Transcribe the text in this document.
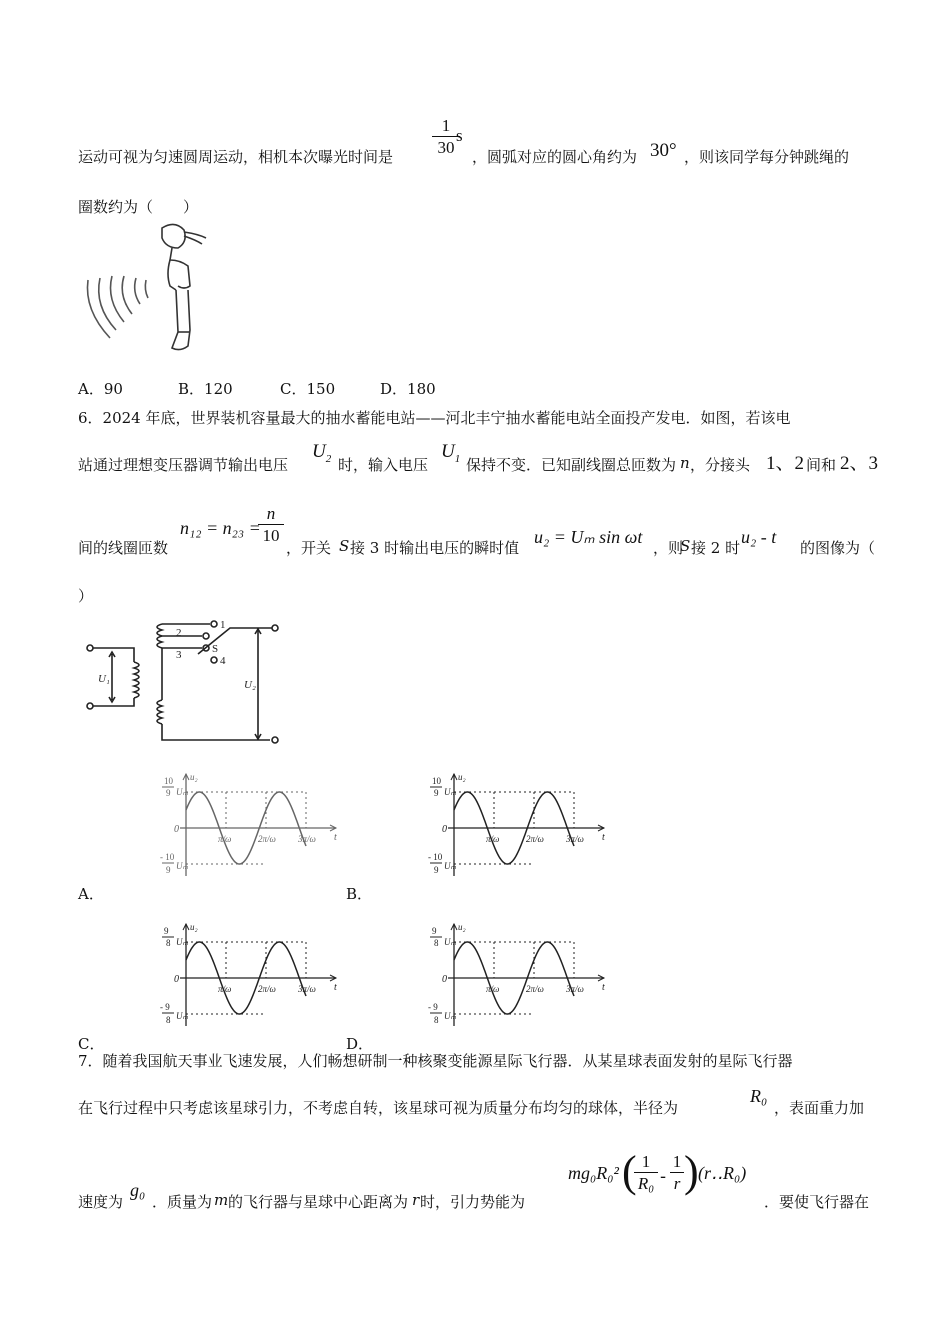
运动可视为匀速圆周运动，相机本次曝光时间是
1
30
s
，圆弧对应的圆心角约为 30° ，则该同学每分钟跳绳的
圈数约为（　　）
A．90	B．120	C．150	D．180
6．2024 年底，世界装机容量最大的抽水蓄能电站——河北丰宁抽水蓄能电站全面投产发电．如图，若该电
站通过理想变压器调节输出电压
$U_2$ 时，输入电压
$U_1$ 保持不变．已知副线圈总匝数为 n ，分接头 1、2 间和 2、3
间的线圈匝数
n₁₂ = n₂₃ =
n
10
，开关 S 接 3 时输出电压的瞬时值
u₂ = Uₘ sin ωt
，则
S 接 2 时
u₂ - t
的图像为（
）
1
2
S
3	4
U₁	U₂
A．
10
9 Uₘ
- 10
9 Uₘ
0
u₂
t
π/ω	2π/ω 3π/ω
B．
10
9 Uₘ
- 10
9 Uₘ
0
u₂
t
π/ω	2π/ω 3π/ω
C．
9
8 Uₘ
- 9
8 Uₘ
0
u₂
t
π/ω	2π/ω 3π/ω
D．
9
8 Uₘ
- 9
8 Uₘ
0
u₂
t
π/ω	2π/ω 3π/ω
7．随着我国航天事业飞速发展，人们畅想研制一种核聚变能源星际飞行器．从某星球表面发射的星际飞行器
在飞行过程中只考虑该星球引力，不考虑自转，该星球可视为质量分布均匀的球体，半径为
R₀
，表面重力加
速度为
g₀
．质量为 m 的飞行器与星球中心距离为 r 时，引力势能为
mg₀R₀² ( 1
R₀ -
1
r ) (r‥R₀)
．要使飞行器在
